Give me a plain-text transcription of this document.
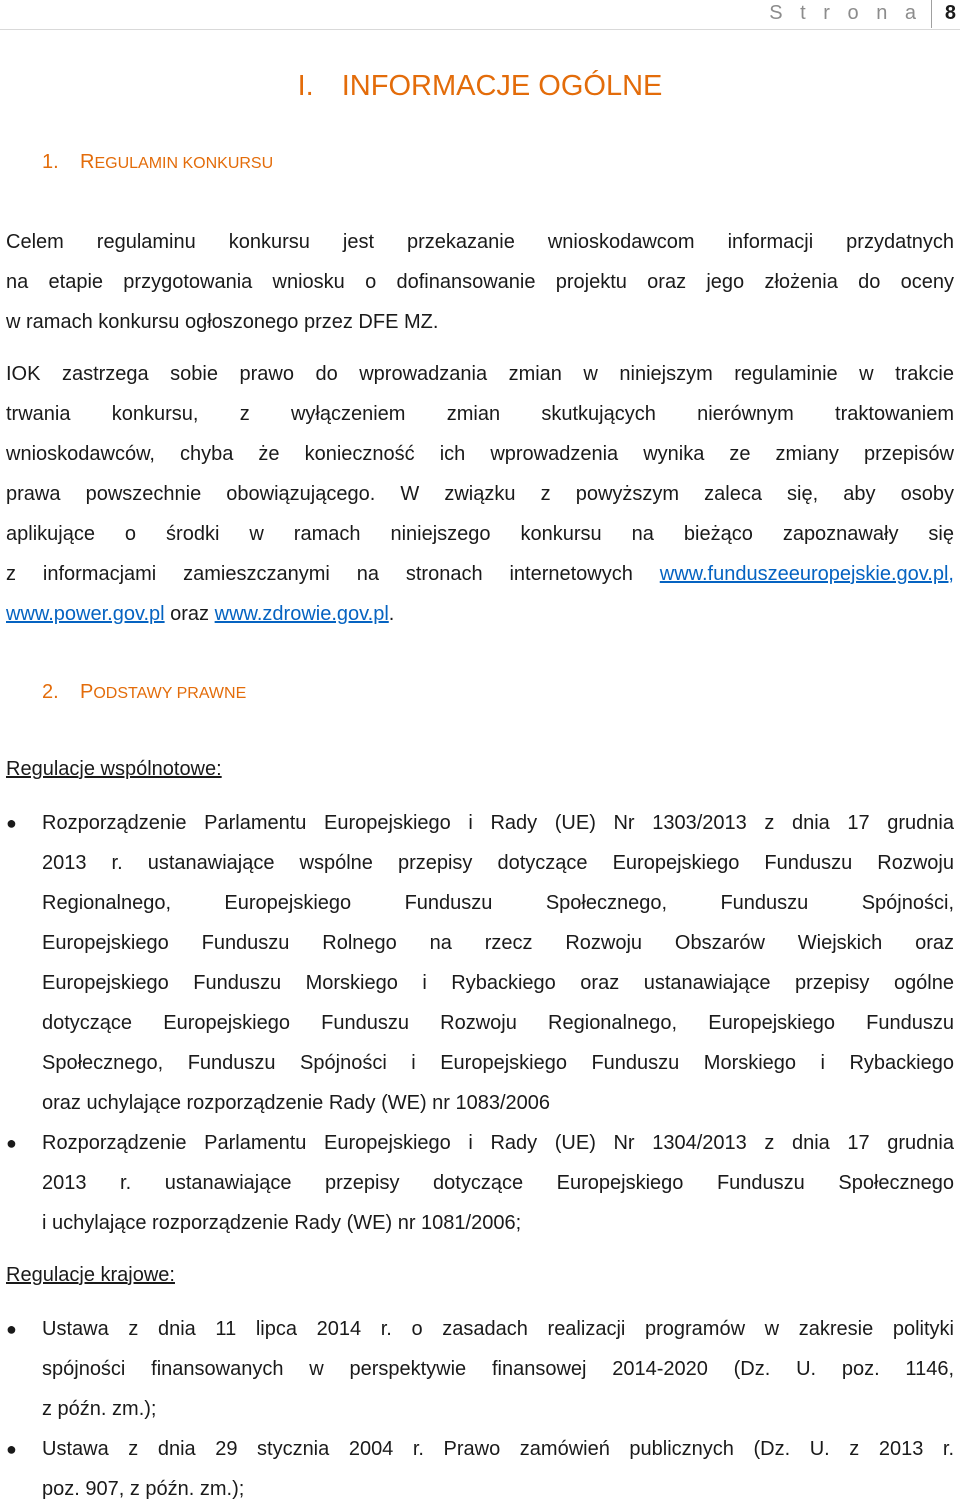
S t r o n a 8
I. INFORMACJE OGÓLNE
1. REGULAMIN KONKURSU
Celem regulaminu konkursu jest przekazanie wnioskodawcom informacji przydatnych
na etapie przygotowania wniosku o dofinansowanie projektu oraz jego złożenia do oceny
w ramach konkursu ogłoszonego przez DFE MZ.
IOK zastrzega sobie prawo do wprowadzania zmian w niniejszym regulaminie w trakcie
trwania konkursu, z wyłączeniem zmian skutkujących nierównym traktowaniem
wnioskodawców, chyba że konieczność ich wprowadzenia wynika ze zmiany przepisów
prawa powszechnie obowiązującego. W związku z powyższym zaleca się, aby osoby
aplikujące o środki w ramach niniejszego konkursu na bieżąco zapoznawały się
z informacjami zamieszczanymi na stronach internetowych www.funduszeeuropejskie.gov.pl,
www.power.gov.pl oraz www.zdrowie.gov.pl.
2. PODSTAWY PRAWNE
Regulacje wspólnotowe:
● Rozporządzenie Parlamentu Europejskiego i Rady (UE) Nr 1303/2013 z dnia 17 grudnia
2013 r. ustanawiające wspólne przepisy dotyczące Europejskiego Funduszu Rozwoju
Regionalnego, Europejskiego Funduszu Społecznego, Funduszu Spójności,
Europejskiego Funduszu Rolnego na rzecz Rozwoju Obszarów Wiejskich oraz
Europejskiego Funduszu Morskiego i Rybackiego oraz ustanawiające przepisy ogólne
dotyczące Europejskiego Funduszu Rozwoju Regionalnego, Europejskiego Funduszu
Społecznego, Funduszu Spójności i Europejskiego Funduszu Morskiego i Rybackiego
oraz uchylające rozporządzenie Rady (WE) nr 1083/2006
● Rozporządzenie Parlamentu Europejskiego i Rady (UE) Nr 1304/2013 z dnia 17 grudnia
2013 r. ustanawiające przepisy dotyczące Europejskiego Funduszu Społecznego
i uchylające rozporządzenie Rady (WE) nr 1081/2006;
Regulacje krajowe:
● Ustawa z dnia 11 lipca 2014 r. o zasadach realizacji programów w zakresie polityki
spójności finansowanych w perspektywie finansowej 2014-2020 (Dz. U. poz. 1146,
z późn. zm.);
● Ustawa z dnia 29 stycznia 2004 r. Prawo zamówień publicznych (Dz. U. z 2013 r.
poz. 907, z późn. zm.);
